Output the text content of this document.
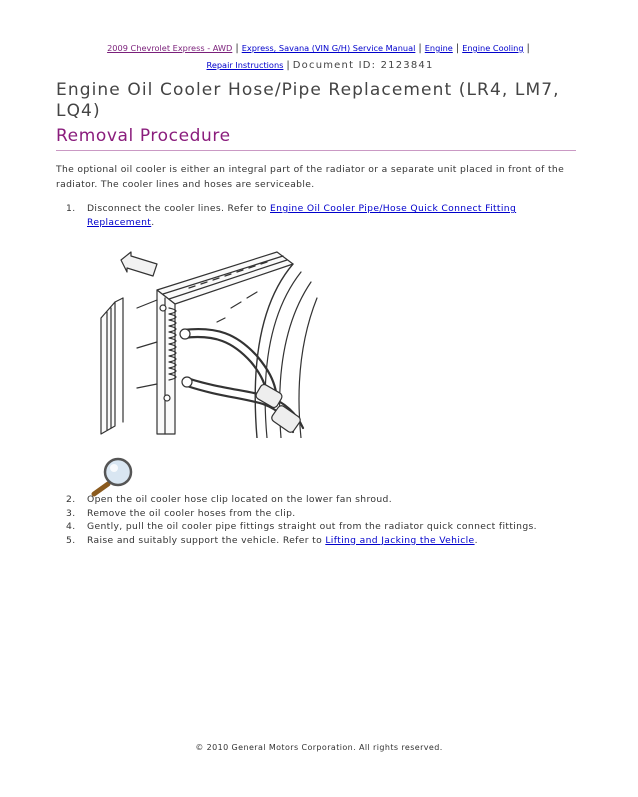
2009 Chevrolet Express - AWD | Express, Savana (VIN G/H) Service Manual | Engine | Engine Cooling |
Repair Instructions | Document ID: 2123841
Engine Oil Cooler Hose/Pipe Replacement (LR4, LM7, LQ4)
Removal Procedure

The optional oil cooler is either an integral part of the radiator or a separate unit placed in front of the radiator. The cooler lines and hoses are serviceable.

1. Disconnect the cooler lines. Refer to Engine Oil Cooler Pipe/Hose Quick Connect Fitting Replacement.
2. Open the oil cooler hose clip located on the lower fan shroud.
3. Remove the oil cooler hoses from the clip.
4. Gently, pull the oil cooler pipe fittings straight out from the radiator quick connect fittings.
5. Raise and suitably support the vehicle. Refer to Lifting and Jacking the Vehicle.
© 2010 General Motors Corporation. All rights reserved.
